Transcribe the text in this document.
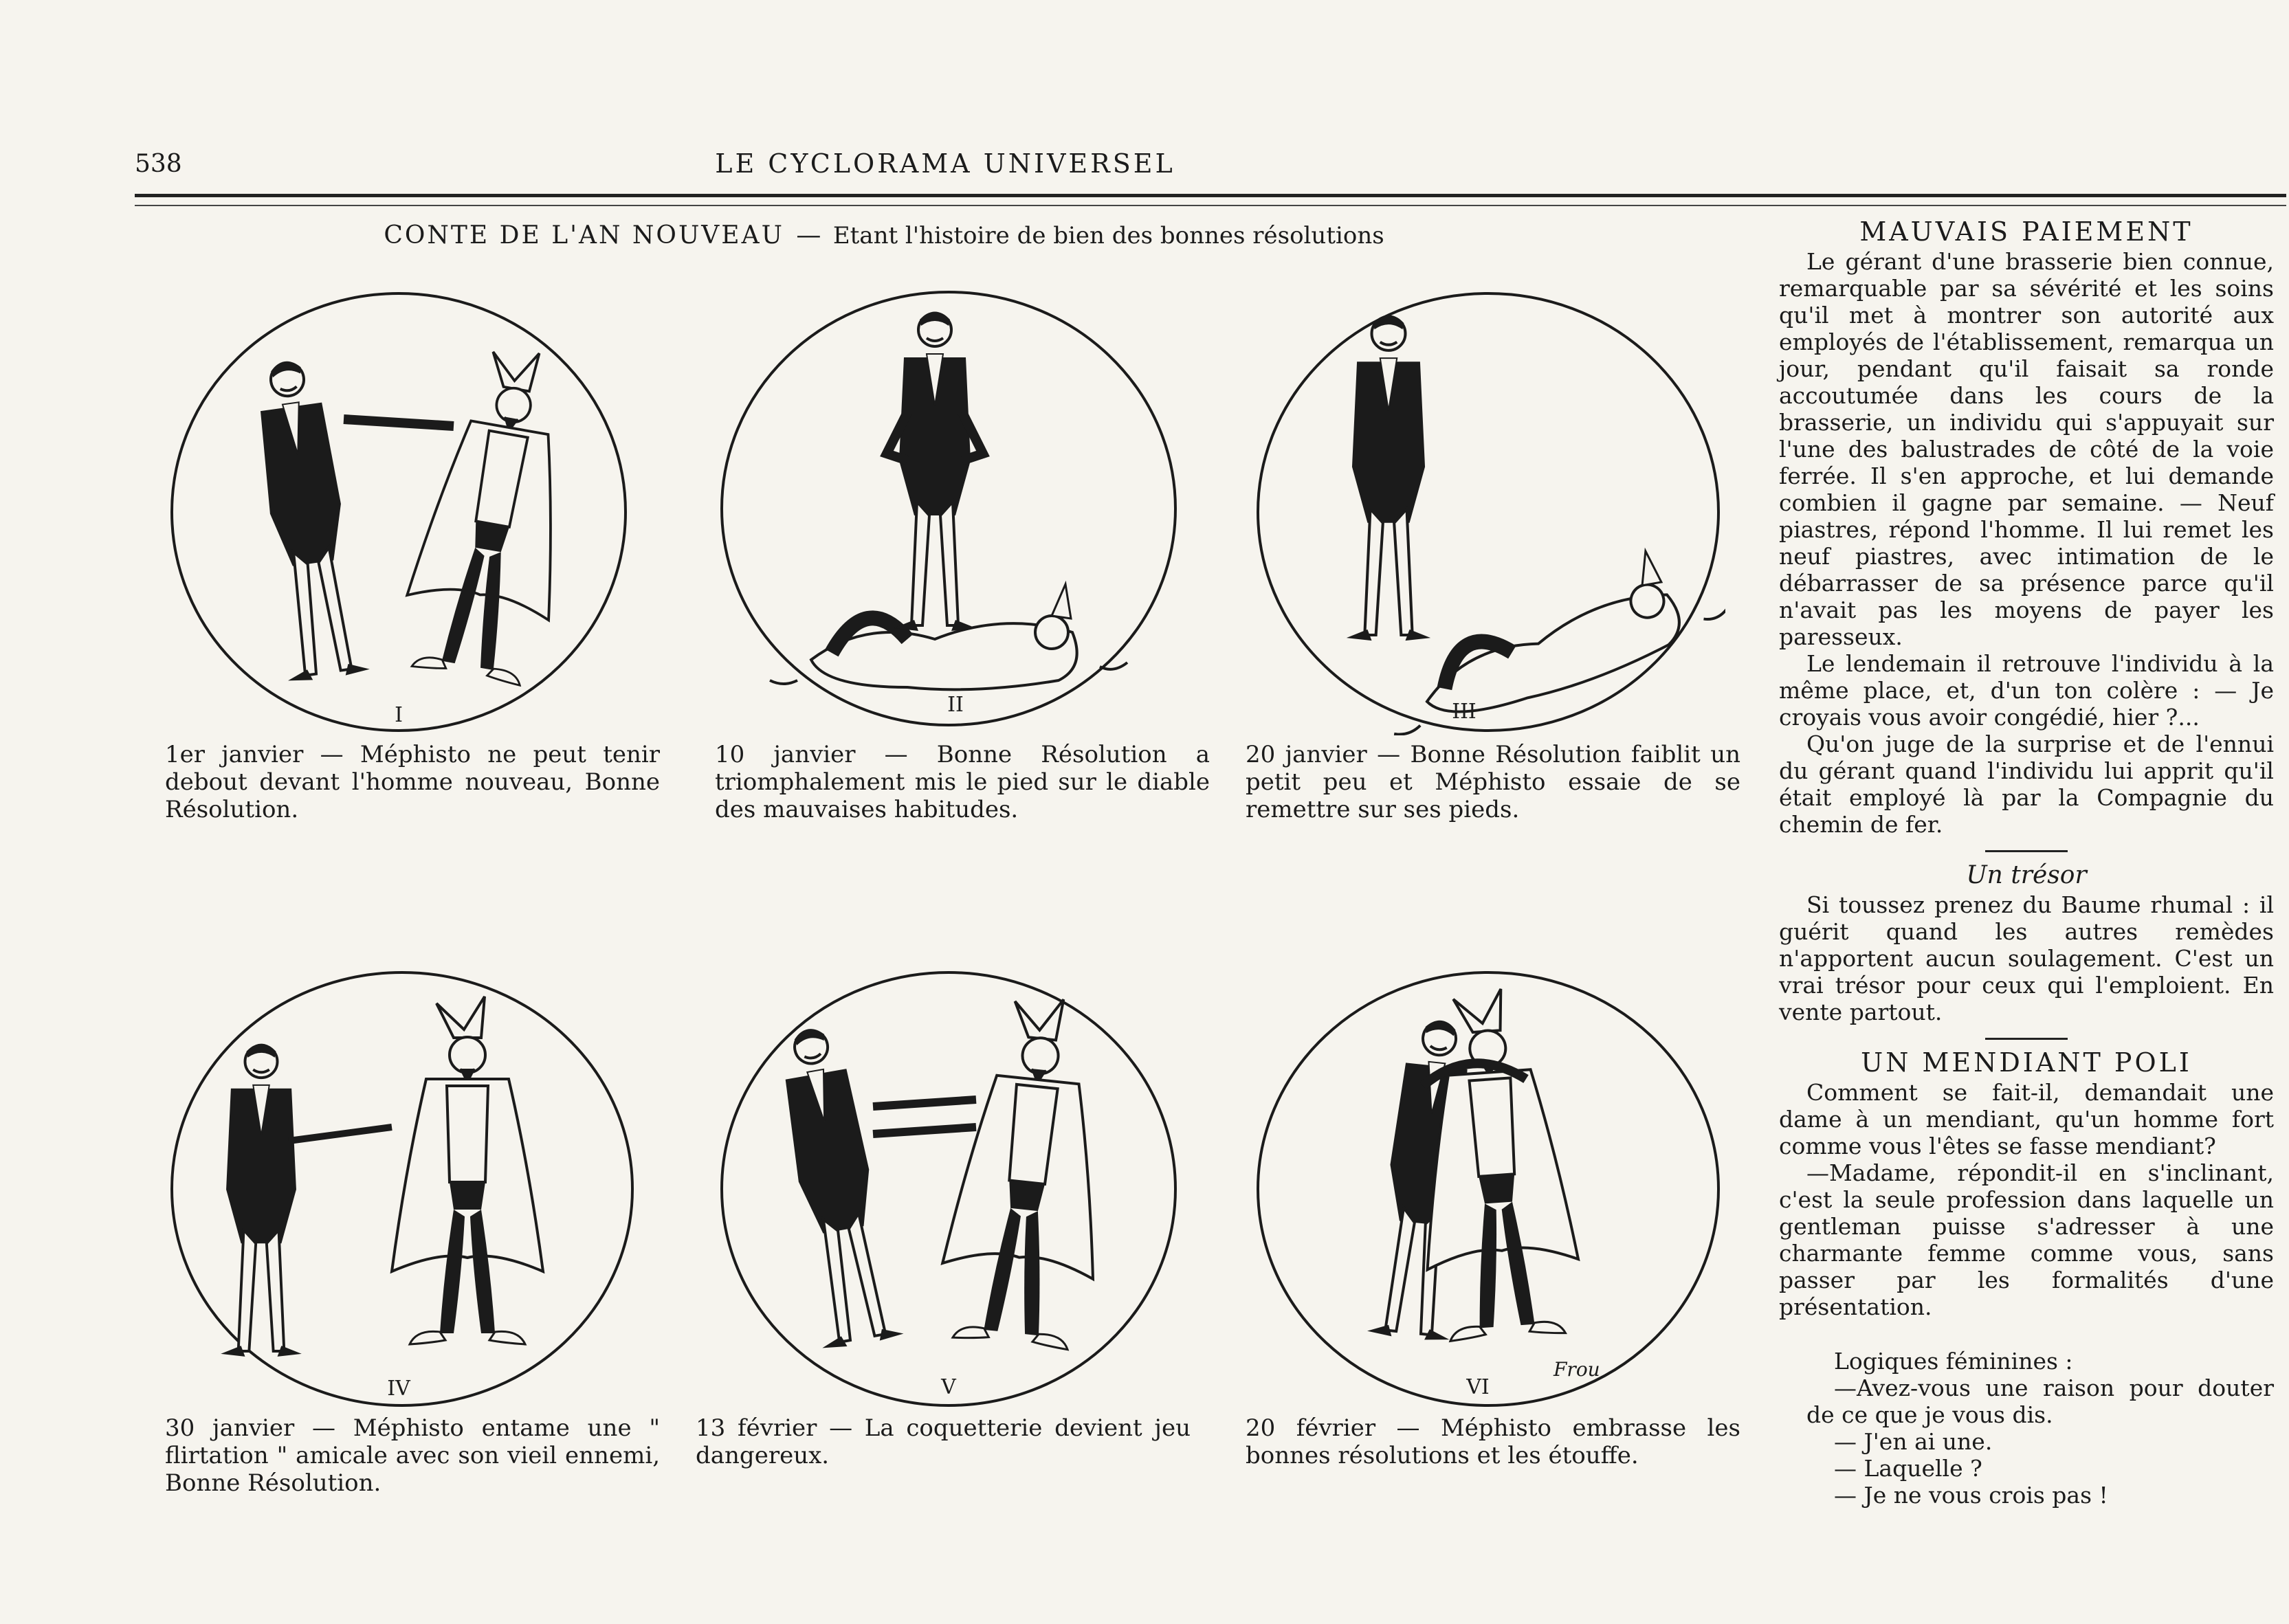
538	LE CYCLORAMA UNIVERSEL
CONTE DE L'AN NOUVEAU — Etant l'histoire de bien des bonnes résolutions
I
1er janvier — Méphisto ne peut tenir debout devant l'homme nouveau, Bonne Résolution.
II
10 janvier — Bonne Résolution a triomphalement mis le pied sur le diable des mauvaises habitudes.
III
20 janvier — Bonne Résolution faiblit un petit peu et Méphisto essaie de se remettre sur ses pieds.
IV
30 janvier — Méphisto entame une " flirtation " amicale avec son vieil ennemi, Bonne Résolution.
V
13 février — La coquetterie devient jeu dangereux.
VI
Frou
20 février — Méphisto embrasse les bonnes résolutions et les étouffe.
MAUVAIS PAIEMENT

Le gérant d'une brasserie bien connue, remarquable par sa sévérité et les soins qu'il met à montrer son autorité aux employés de l'établissement, remarqua un jour, pendant qu'il faisait sa ronde accoutumée dans les cours de la brasserie, un individu qui s'appuyait sur l'une des balustrades de côté de la voie ferrée. Il s'en approche, et lui demande combien il gagne par semaine. — Neuf piastres, répond l'homme. Il lui remet les neuf piastres, avec intimation de le débarrasser de sa présence parce qu'il n'avait pas les moyens de payer les paresseux.

Le lendemain il retrouve l'individu à la même place, et, d'un ton colère : — Je croyais vous avoir congédié, hier ?...

Qu'on juge de la surprise et de l'ennui du gérant quand l'individu lui apprit qu'il était employé là par la Compagnie du chemin de fer.

Un trésor

Si toussez prenez du Baume rhumal : il guérit quand les autres remèdes n'apportent aucun soulagement. C'est un vrai trésor pour ceux qui l'emploient. En vente partout.

UN MENDIANT POLI

Comment se fait-il, demandait une dame à un mendiant, qu'un homme fort comme vous l'êtes se fasse mendiant?

—Madame, répondit-il en s'inclinant, c'est la seule profession dans laquelle un gentleman puisse s'adresser à une charmante femme comme vous, sans passer par les formalités d'une présentation.

Logiques féminines :

—Avez-vous une raison pour douter de ce que je vous dis.

— J'en ai une.

— Laquelle ?

— Je ne vous crois pas !
